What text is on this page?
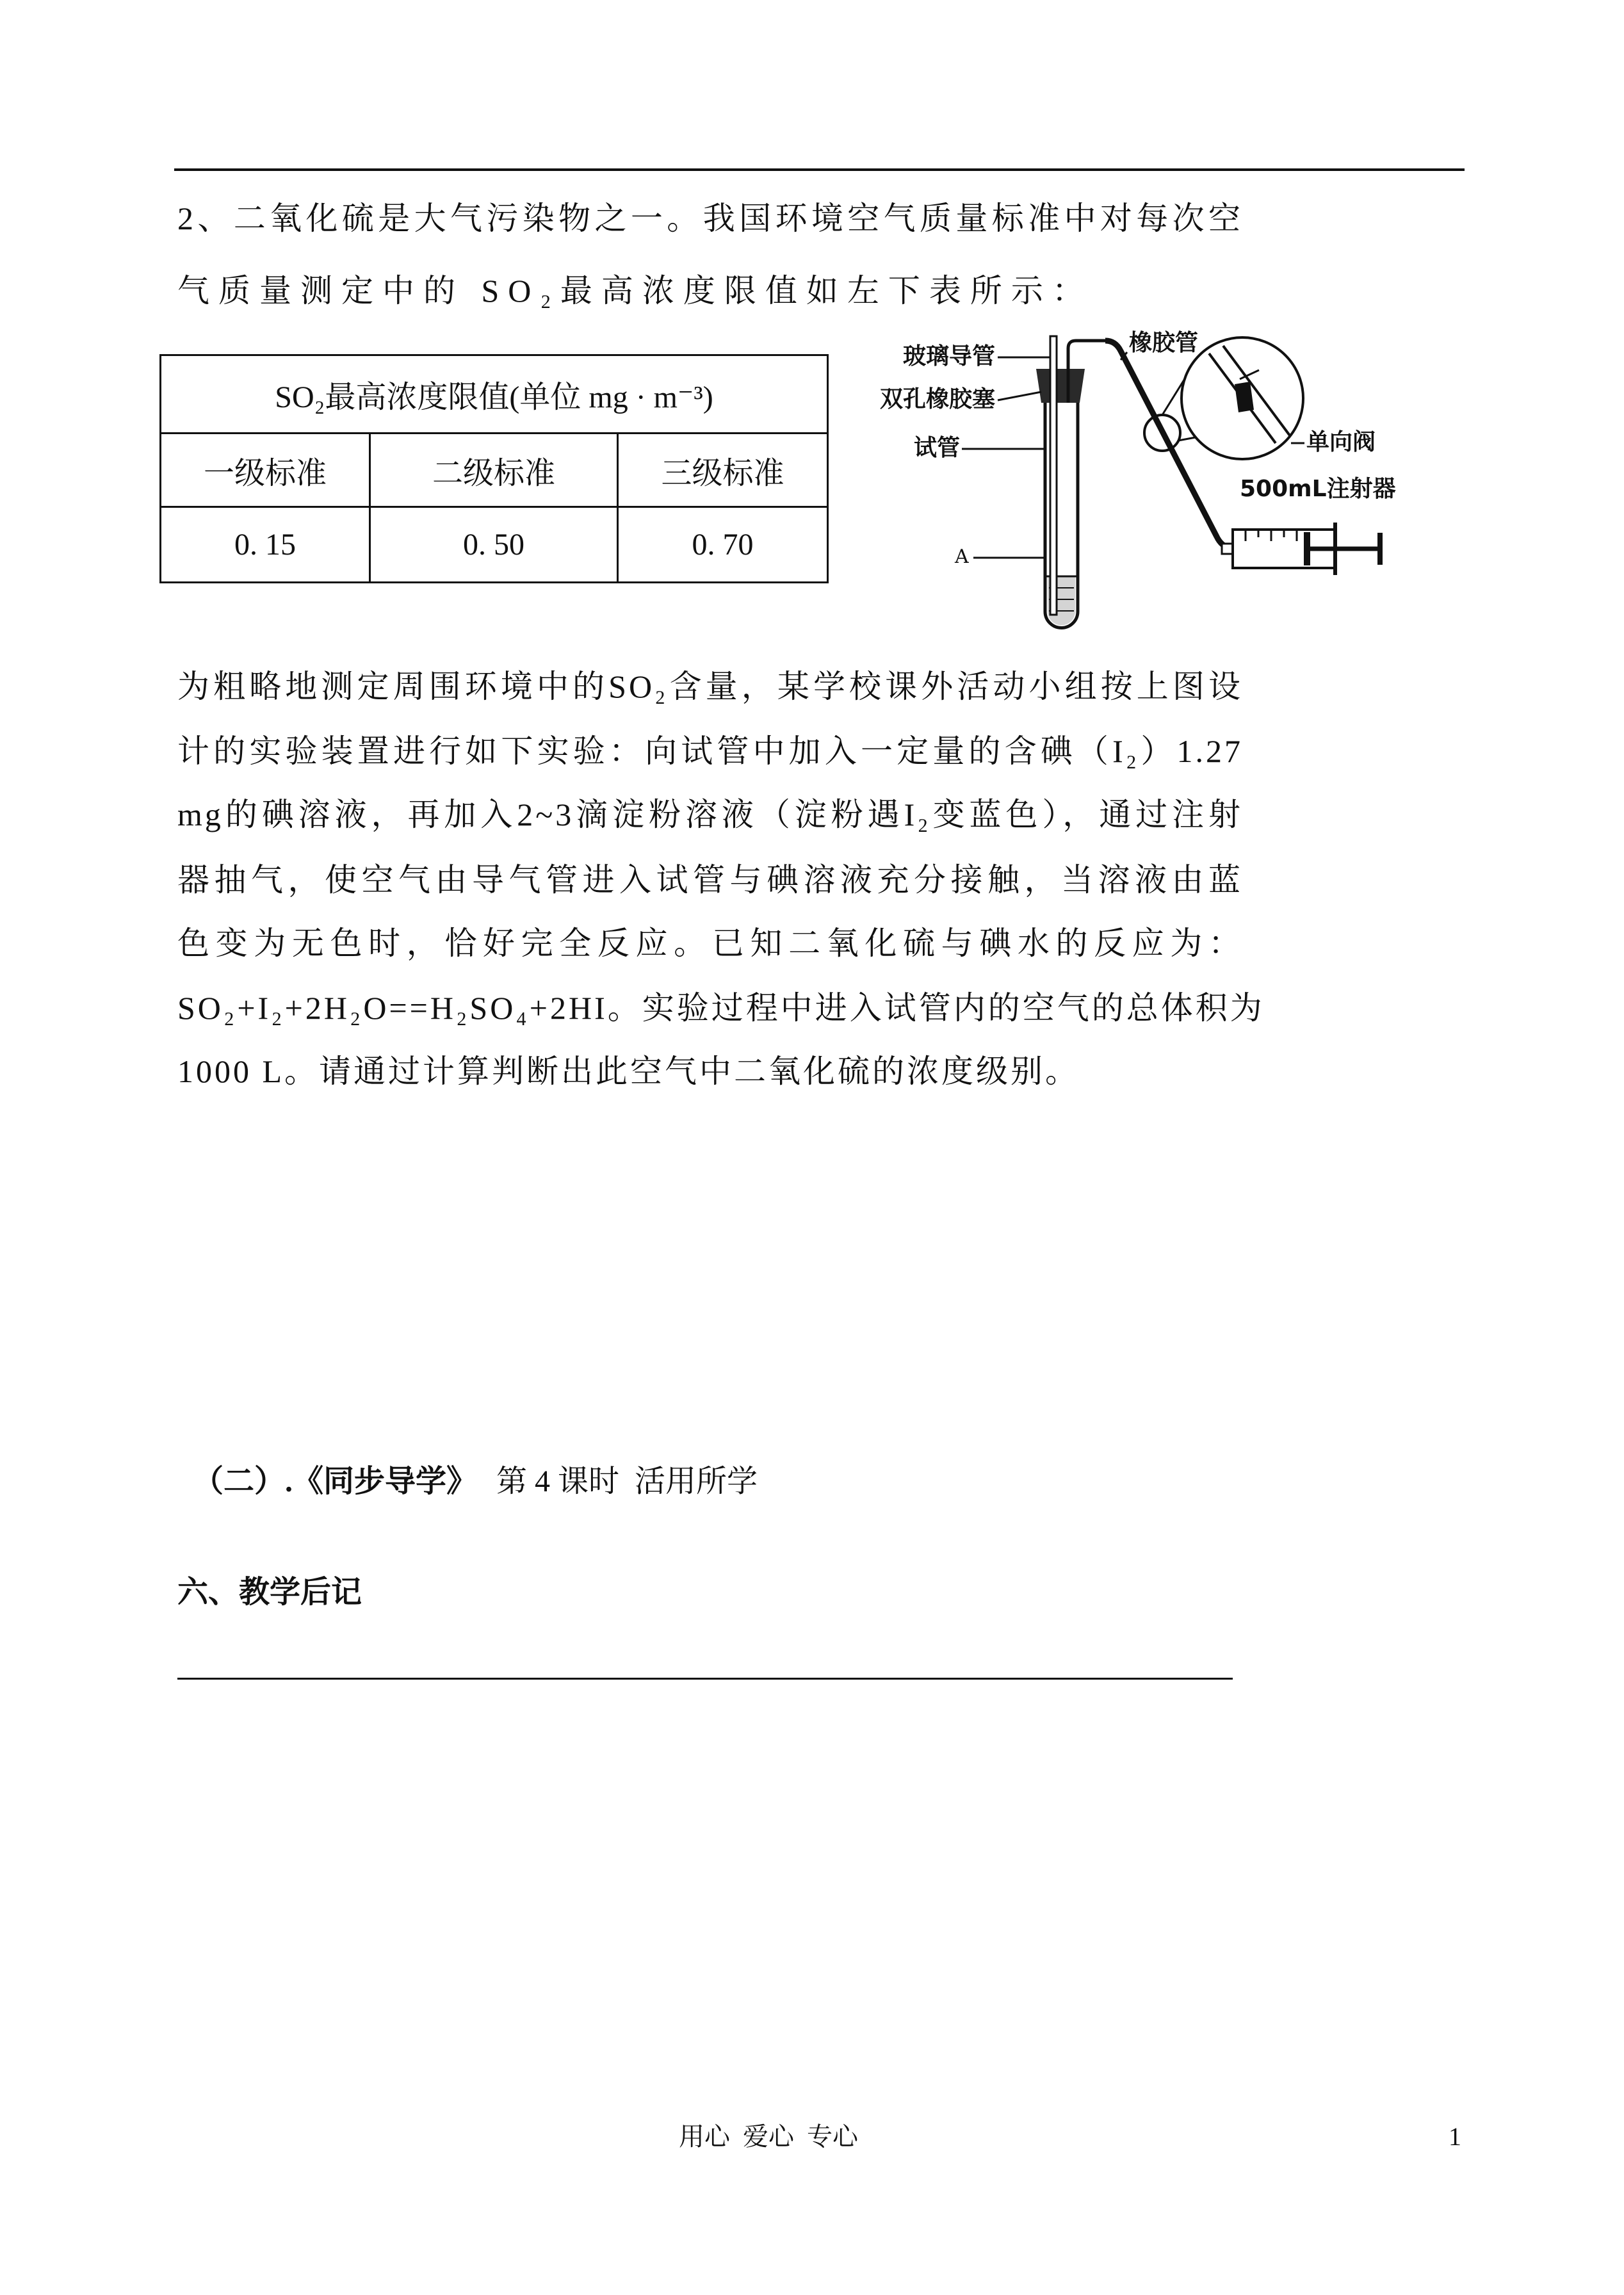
2、二氧化硫是大气污染物之一。我国环境空气质量标准中对每次空
气质量测定中的 SO₂最高浓度限值如左下表所示：
SO₂最高浓度限值(单位 mg · m⁻³)		
一级标准	二级标准	三级标准
0. 15	0. 50	0. 70
玻璃导管
双孔橡胶塞
试管
A
橡胶管
单向阀
500mL注射器
为粗略地测定周围环境中的SO₂含量，某学校课外活动小组按上图设
计的实验装置进行如下实验：向试管中加入一定量的含碘（I₂）1.27
mg的碘溶液，再加入2~3滴淀粉溶液（淀粉遇I₂变蓝色），通过注射
器抽气，使空气由导气管进入试管与碘溶液充分接触，当溶液由蓝
色变为无色时，恰好完全反应。已知二氧化硫与碘水的反应为：
SO₂+I₂+2H₂O==H₂SO₄+2HI。实验过程中进入试管内的空气的总体积为
1000 L。请通过计算判断出此空气中二氧化硫的浓度级别。

（二）.《同步导学》 第 4 课时  活用所学

六、教学后记
用心  爱心  专心	1
